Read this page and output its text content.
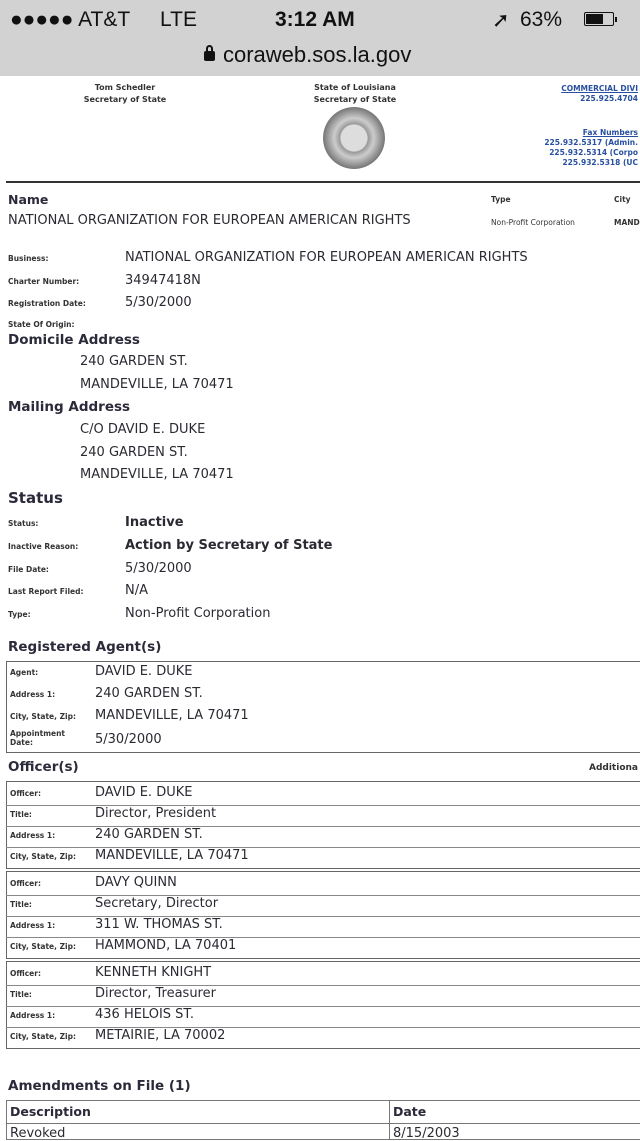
●●●●● AT&T LTE	3:12 AM	➚ 63%
coraweb.sos.la.gov
Tom Schedler
Secretary of State
State of Louisiana
Secretary of State
COMMERCIAL DIVI
225.925.4704
Fax Numbers
225.932.5317 (Admin.
225.932.5314 (Corpo
225.932.5318 (UC
Name	Type	City
NATIONAL ORGANIZATION FOR EUROPEAN AMERICAN RIGHTS	Non-Profit Corporation	MAND
Business:	NATIONAL ORGANIZATION FOR EUROPEAN AMERICAN RIGHTS
Charter Number:	34947418N
Registration Date:	5/30/2000
State Of Origin:
Domicile Address
240 GARDEN ST.
MANDEVILLE, LA 70471
Mailing Address
C/O DAVID E. DUKE
240 GARDEN ST.
MANDEVILLE, LA 70471
Status
Status:	Inactive
Inactive Reason:	Action by Secretary of State
File Date:	5/30/2000
Last Report Filed:	N/A
Type:	Non-Profit Corporation
Registered Agent(s)
Agent:	DAVID E. DUKE
Address 1:	240 GARDEN ST.
City, State, Zip: MANDEVILLE, LA 70471
Appointment Date:	5/30/2000
Officer(s)	Additiona
Officer:	DAVID E. DUKE
Title:	Director, President
Address 1:	240 GARDEN ST.
City, State, Zip: MANDEVILLE, LA 70471
Officer:	DAVY QUINN
Title:	Secretary, Director
Address 1:	311 W. THOMAS ST.
City, State, Zip: HAMMOND, LA 70401
Officer:	KENNETH KNIGHT
Title:	Director, Treasurer
Address 1:	436 HELOIS ST.
City, State, Zip: METAIRIE, LA 70002
Amendments on File (1)
Description	Date
Revoked	8/15/2003
